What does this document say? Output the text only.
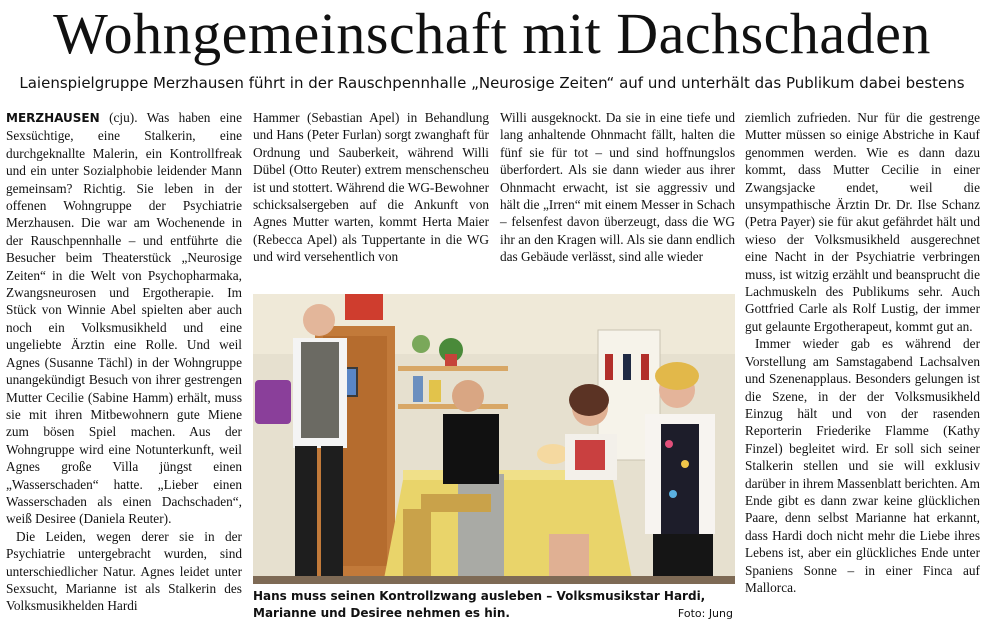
Wohngemeinschaft mit Dachschaden
Laienspielgruppe Merzhausen führt in der Rauschpennhalle „Neurosige Zeiten“ auf und unterhält das Publikum dabei bestens

MERZHAUSEN (cju). Was haben eine Sexsüchtige, eine Stalkerin, eine durchgeknallte Malerin, ein Kontrollfreak und ein unter Sozialphobie leidender Mann gemeinsam? Richtig. Sie leben in der offenen Wohngruppe der Psychiatrie Merzhausen. Die war am Wochenende in der Rauschpennhalle – und entführte die Besucher beim Theaterstück „Neurosige Zeiten“ in die Welt von Psychopharmaka, Zwangsneurosen und Ergotherapie. Im Stück von Winnie Abel spielten aber auch noch ein Volksmusikheld und eine ungeliebte Ärztin eine Rolle. Und weil Agnes (Susanne Tächl) in der Wohngruppe unangekündigt Besuch von ihrer gestrengen Mutter Cecilie (Sabine Hamm) erhält, muss sie mit ihren Mitbewohnern gute Miene zum bösen Spiel machen. Aus der Wohngruppe wird eine Notunterkunft, weil Agnes große Villa jüngst einen „Wasserschaden“ hatte. „Lieber einen Wasserschaden als einen Dachschaden“, weiß Desiree (Daniela Reuter).

Die Leiden, wegen derer sie in der Psychiatrie untergebracht wurden, sind unterschiedlicher Natur. Agnes leidet unter Sexsucht, Marianne ist als Stalkerin des Volksmusikhelden Hardi

Hammer (Sebastian Apel) in Behandlung und Hans (Peter Furlan) sorgt zwanghaft für Ordnung und Sauberkeit, während Willi Dübel (Otto Reuter) extrem menschenscheu ist und stottert. Während die WG-Bewohner schicksalsergeben auf die Ankunft von Agnes Mutter warten, kommt Herta Maier (Rebecca Apel) als Tuppertante in die WG und wird versehentlich von

Willi ausgeknockt. Da sie in eine tiefe und lang anhaltende Ohnmacht fällt, halten die fünf sie für tot – und sind hoffnungslos überfordert. Als sie dann wieder aus ihrer Ohnmacht erwacht, ist sie aggressiv und hält die „Irren“ mit einem Messer in Schach – felsenfest davon überzeugt, dass die WG ihr an den Kragen will. Als sie dann endlich das Gebäude verlässt, sind alle wieder

ziemlich zufrieden. Nur für die gestrenge Mutter müssen so einige Abstriche in Kauf genommen werden. Wie es dann dazu kommt, dass Mutter Cecilie in einer Zwangsjacke endet, weil die unsympathische Ärztin Dr. Dr. Ilse Schanz (Petra Payer) sie für akut gefährdet hält und wieso der Volksmusikheld ausgerechnet eine Nacht in der Psychiatrie verbringen muss, ist witzig erzählt und beansprucht die Lachmuskeln des Publikums sehr. Auch Gottfried Carle als Rolf Lustig, der immer gut gelaunte Ergotherapeut, kommt gut an.

Immer wieder gab es während der Vorstellung am Samstagabend Lachsalven und Szenenapplaus. Besonders gelungen ist die Szene, in der der Volksmusikheld Einzug hält und von der rasenden Reporterin Friederike Flamme (Kathy Finzel) begleitet wird. Er soll sich seiner Stalkerin stellen und sie will exklusiv darüber in ihrem Massenblatt berichten. Am Ende gibt es dann zwar keine glücklichen Paare, denn selbst Marianne hat erkannt, dass Hardi doch nicht mehr die Liebe ihres Lebens ist, aber ein glückliches Ende unter Spaniens Sonne – in einer Finca auf Mallorca.

Hans muss seinen Kontrollzwang ausleben – Volksmusikstar Hardi, Marianne und Desiree nehmen es hin.	Foto: Jung
